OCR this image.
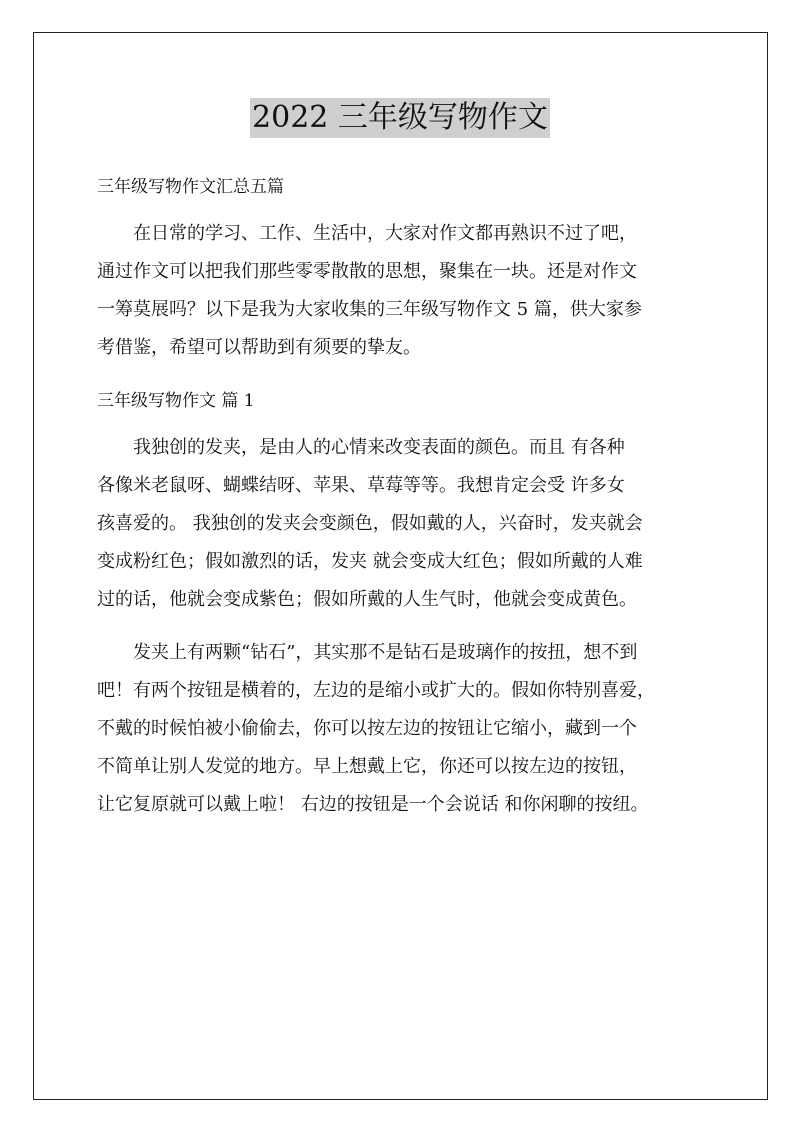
2022 三年级写物作文

三年级写物作文汇总五篇

在日常的学习、工作、生活中，大家对作文都再熟识不过了吧，
通过作文可以把我们那些零零散散的思想，聚集在一块。还是对作文
一筹莫展吗？以下是我为大家收集的三年级写物作文 5 篇，供大家参
考借鉴，希望可以帮助到有须要的挚友。

三年级写物作文 篇 1

我独创的发夹，是由人的心情来改变表面的颜色。而且 有各种
各像米老鼠呀、蝴蝶结呀、苹果、草莓等等。我想肯定会受 许多女
孩喜爱的。 我独创的发夹会变颜色，假如戴的人，兴奋时，发夹就会
变成粉红色；假如激烈的话，发夹 就会变成大红色；假如所戴的人难
过的话，他就会变成紫色；假如所戴的人生气时，他就会变成黄色。

发夹上有两颗“钻石”，其实那不是钻石是玻璃作的按扭，想不到
吧！有两个按钮是横着的，左边的是缩小或扩大的。假如你特别喜爱，
不戴的时候怕被小偷偷去，你可以按左边的按钮让它缩小，藏到一个
不简单让别人发觉的地方。早上想戴上它，你还可以按左边的按钮，
让它复原就可以戴上啦！ 右边的按钮是一个会说话 和你闲聊的按纽。
